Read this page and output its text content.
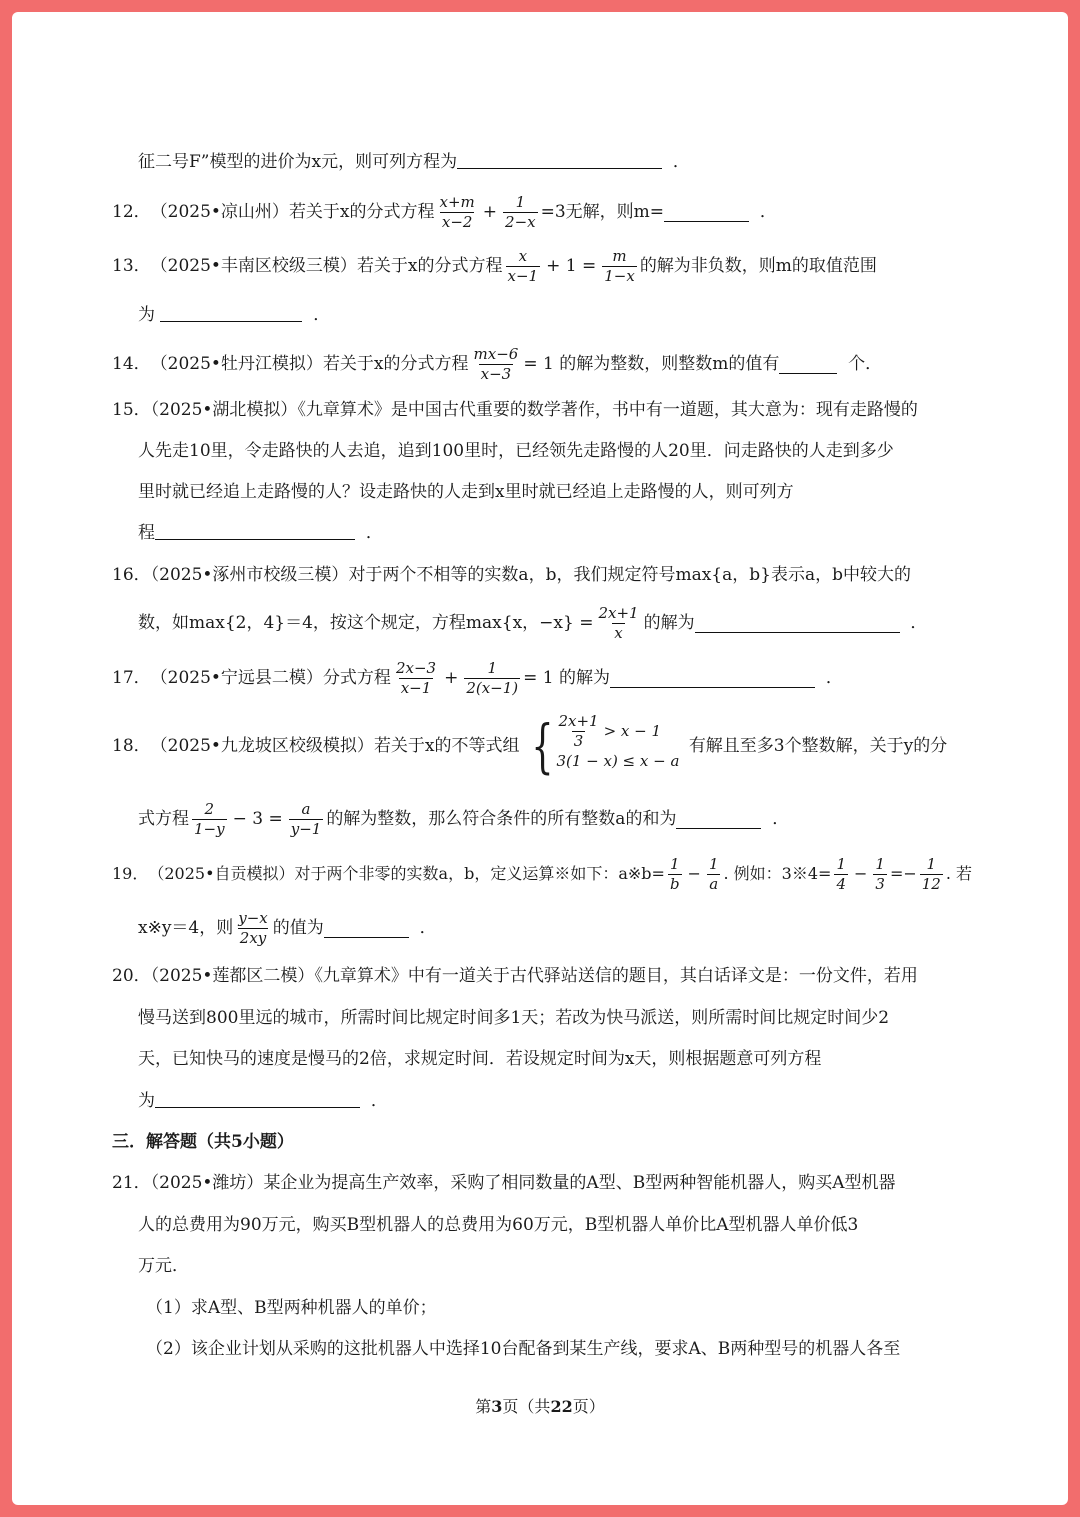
征二号F”模型的进价为x元，则可列方程为	．
12． （2025•凉山州） 若关于x的分式方程 $\frac{x+m}{x-2} + \frac{1}{2-x} =3$无解，则m=
	．
13． （2025•丰南区校级三模） 若关于x的分式方程 $\frac{x}{x-1} + 1 = \frac{m}{1-x}$ 的解为非负数，则m的取值范围
为	．
14． （2025•牡丹江模拟） 若关于x的分式方程 $\frac{mx-6}{x-3} = 1$ 的解为整数，则整数m的值有
	个．
15．（2025•湖北模拟）《九章算术》是中国古代重要的数学著作，书中有一道题，其大意为：现有走路慢的
人先走10里，令走路快的人去追，追到100里时，已经领先走路慢的人20里．问走路快的人走到多少
里时就已经追上走路慢的人？设走路快的人走到x里时就已经追上走路慢的人，则可列方
程	．
16．（2025•涿州市校级三模）对于两个不相等的实数a，b，我们规定符号max{a，b}表示a，b中较大的
数，如max{2，4}＝4，按这个规定，方程max{x，$-x\} = \frac{2x+1}{x}$ 的解为
	．
17． （2025•宁远县二模） 分式方程 $\frac{2x-3}{x-1} + \frac{1}{2(x-1)} = 1$ 的解为
	．
18． （2025•九龙坡区校级模拟） 若关于x的不等式组 { $\frac{2x+1}{3} > x - 1$
3(1 − x) ≤ x − a

有解且至多3个整数解，关于y的分
式方程 $\frac{2}{1-y} - 3 = \frac{a}{y-1}$ 的解为整数，那么符合条件的所有整数a的和为
	．
19． （2025•自贡模拟） 对于两个非零的实数a，b，定义运算※如下：a※b= $\frac{1}{b} - \frac{1}{a}$ . 例如：3※4= $\frac{1}{4} - \frac{1}{3} =- \frac{1}{12}$ . 若
x※y＝4，则 $\frac{y-x}{2xy}$ 的值为
	．
20．（2025•莲都区二模）《九章算术》中有一道关于古代驿站送信的题目，其白话译文是：一份文件，若用
慢马送到800里远的城市，所需时间比规定时间多1天；若改为快马派送，则所需时间比规定时间少2
天，已知快马的速度是慢马的2倍，求规定时间．若设规定时间为x天，则根据题意可列方程
为	．
三．解答题（共5小题）
21．（2025•潍坊）某企业为提高生产效率，采购了相同数量的A型、B型两种智能机器人，购买A型机器
人的总费用为90万元，购买B型机器人的总费用为60万元，B型机器人单价比A型机器人单价低3
万元．
（1）求A型、B型两种机器人的单价；
（2）该企业计划从采购的这批机器人中选择10台配备到某生产线，要求A、B两种型号的机器人各至
第3页（共22页）
